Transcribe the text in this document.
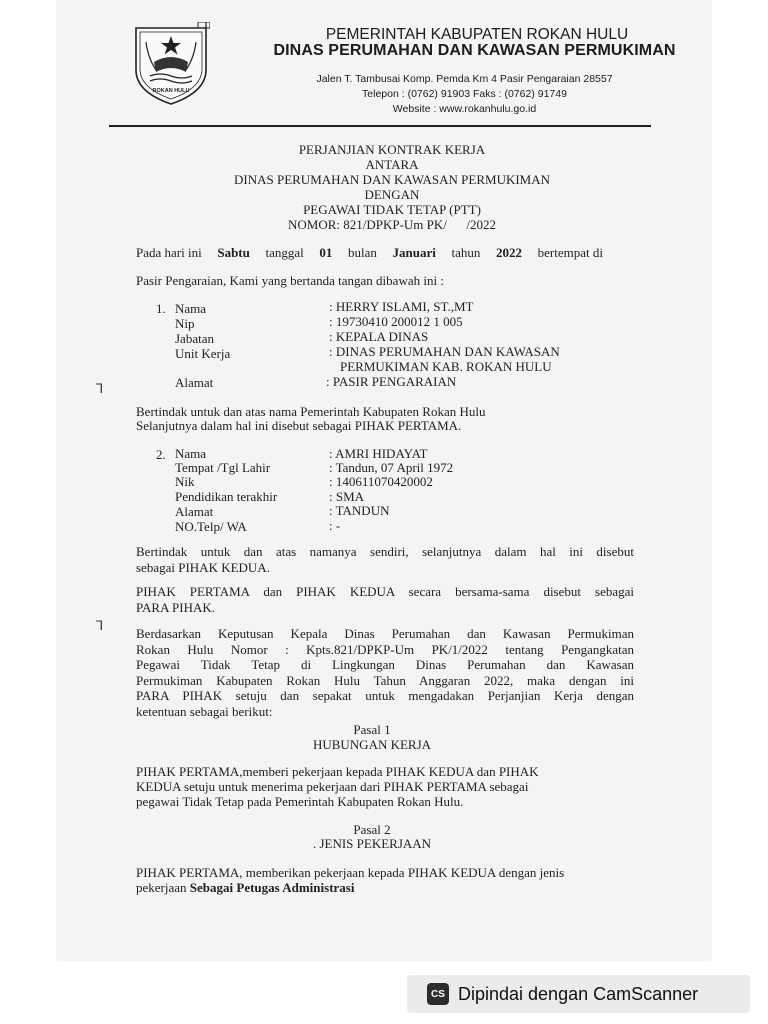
ROKAN HULU
PEMERINTAH KABUPATEN ROKAN HULU
DINAS PERUMAHAN DAN KAWASAN PERMUKIMAN
Jalen T. Tambusai Komp. Pemda Km 4 Pasir Pengaraian 28557
Telepon : (0762) 91903 Faks : (0762) 91749
Website : www.rokanhulu.go.id
PERJANJIAN KONTRAK KERJA
ANTARA
DINAS PERUMAHAN DAN KAWASAN PERMUKIMAN
DENGAN
PEGAWAI TIDAK TETAP (PTT)
NOMOR: 821/DPKP-Um PK/      /2022
Pada hari ini Sabtu tanggal 01 bulan Januari tahun 2022 bertempat di
Pasir Pengaraian, Kami yang bertanda tangan dibawah ini :
1. Nama	: HERRY ISLAMI, ST.,MT
Nip	: 19730410 200012 1 005
Jabatan	: KEPALA DINAS
Unit Kerja	: DINAS PERUMAHAN DAN KAWASAN
PERMUKIMAN KAB. ROKAN HULU
Alamat	: PASIR PENGARAIAN
⅂
Bertindak untuk dan atas nama Pemerintah Kabupaten Rokan Hulu
Selanjutnya dalam hal ini disebut sebagai PIHAK PERTAMA.
2. Nama	: AMRI HIDAYAT
Tempat /Tgl Lahir	: Tandun, 07 April 1972
Nik	: 140611070420002
Pendidikan terakhir	: SMA
Alamat	: TANDUN
NO.Telp/ WA	: -
Bertindak untuk dan atas namanya sendiri, selanjutnya dalam hal ini disebut
sebagai PIHAK KEDUA.
PIHAK PERTAMA dan PIHAK KEDUA secara bersama-sama disebut sebagai
PARA PIHAK.
⅂
Berdasarkan Keputusan Kepala Dinas Perumahan dan Kawasan Permukiman
Rokan Hulu Nomor : Kpts.821/DPKP-Um PK/1/2022 tentang Pengangkatan
Pegawai Tidak Tetap di Lingkungan Dinas Perumahan dan Kawasan
Permukiman Kabupaten Rokan Hulu Tahun Anggaran 2022, maka dengan ini
PARA PIHAK setuju dan sepakat untuk mengadakan Perjanjian Kerja dengan
ketentuan sebagai berikut:
Pasal 1
HUBUNGAN KERJA
PIHAK PERTAMA,memberi pekerjaan kepada PIHAK KEDUA dan PIHAK
KEDUA setuju untuk menerima pekerjaan dari PIHAK PERTAMA sebagai
pegawai Tidak Tetap pada Pemerintah Kabupaten Rokan Hulu.
Pasal 2
. JENIS PEKERJAAN
PIHAK PERTAMA, memberikan pekerjaan kepada PIHAK KEDUA dengan jenis
pekerjaan Sebagai Petugas Administrasi
CS Dipindai dengan CamScanner
